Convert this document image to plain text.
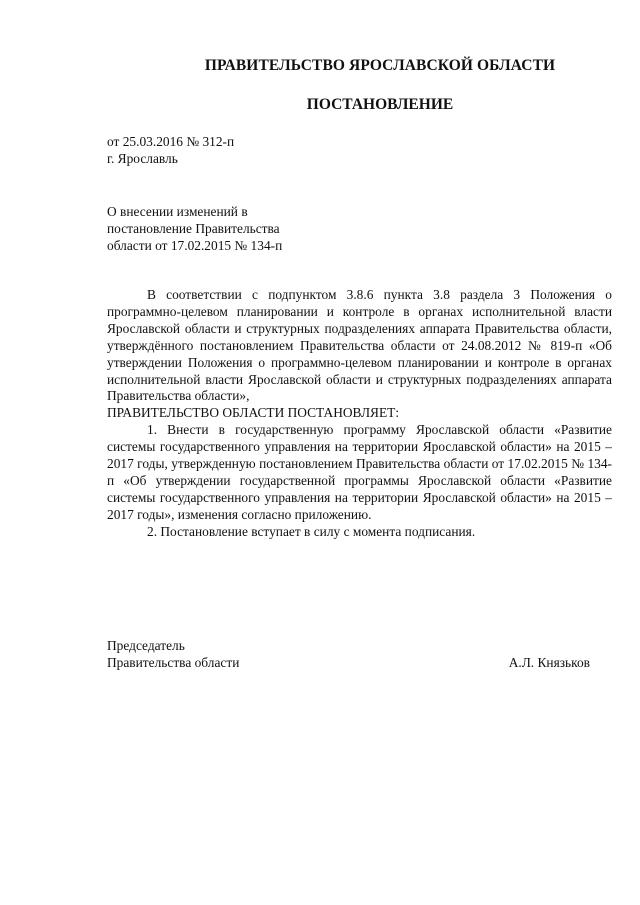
ПРАВИТЕЛЬСТВО ЯРОСЛАВСКОЙ ОБЛАСТИ
ПОСТАНОВЛЕНИЕ
от 25.03.2016 № 312-п
г. Ярославль
О внесении изменений в
постановление Правительства
области от 17.02.2015 № 134-п

В соответствии с подпунктом 3.8.6 пункта 3.8 раздела 3 Положения о программно-целевом планировании и контроле в органах исполнительной власти Ярославской области и структурных подразделениях аппарата Правительства области, утверждённого постановлением Правительства области от 24.08.2012 № 819-п «Об утверждении Положения о программно-целевом планировании и контроле в органах исполнительной власти Ярославской области и структурных подразделениях аппарата Правительства области»,

ПРАВИТЕЛЬСТВО ОБЛАСТИ ПОСТАНОВЛЯЕТ:

1. Внести в государственную программу Ярославской области «Развитие системы государственного управления на территории Ярославской области» на 2015 – 2017 годы, утвержденную постановлением Правительства области от 17.02.2015 № 134-п «Об утверждении государственной программы Ярославской области «Развитие системы государственного управления на территории Ярославской области» на 2015 – 2017 годы», изменения согласно приложению.

2. Постановление вступает в силу с момента подписания.

Председатель
Правительства области	А.Л. Князьков
